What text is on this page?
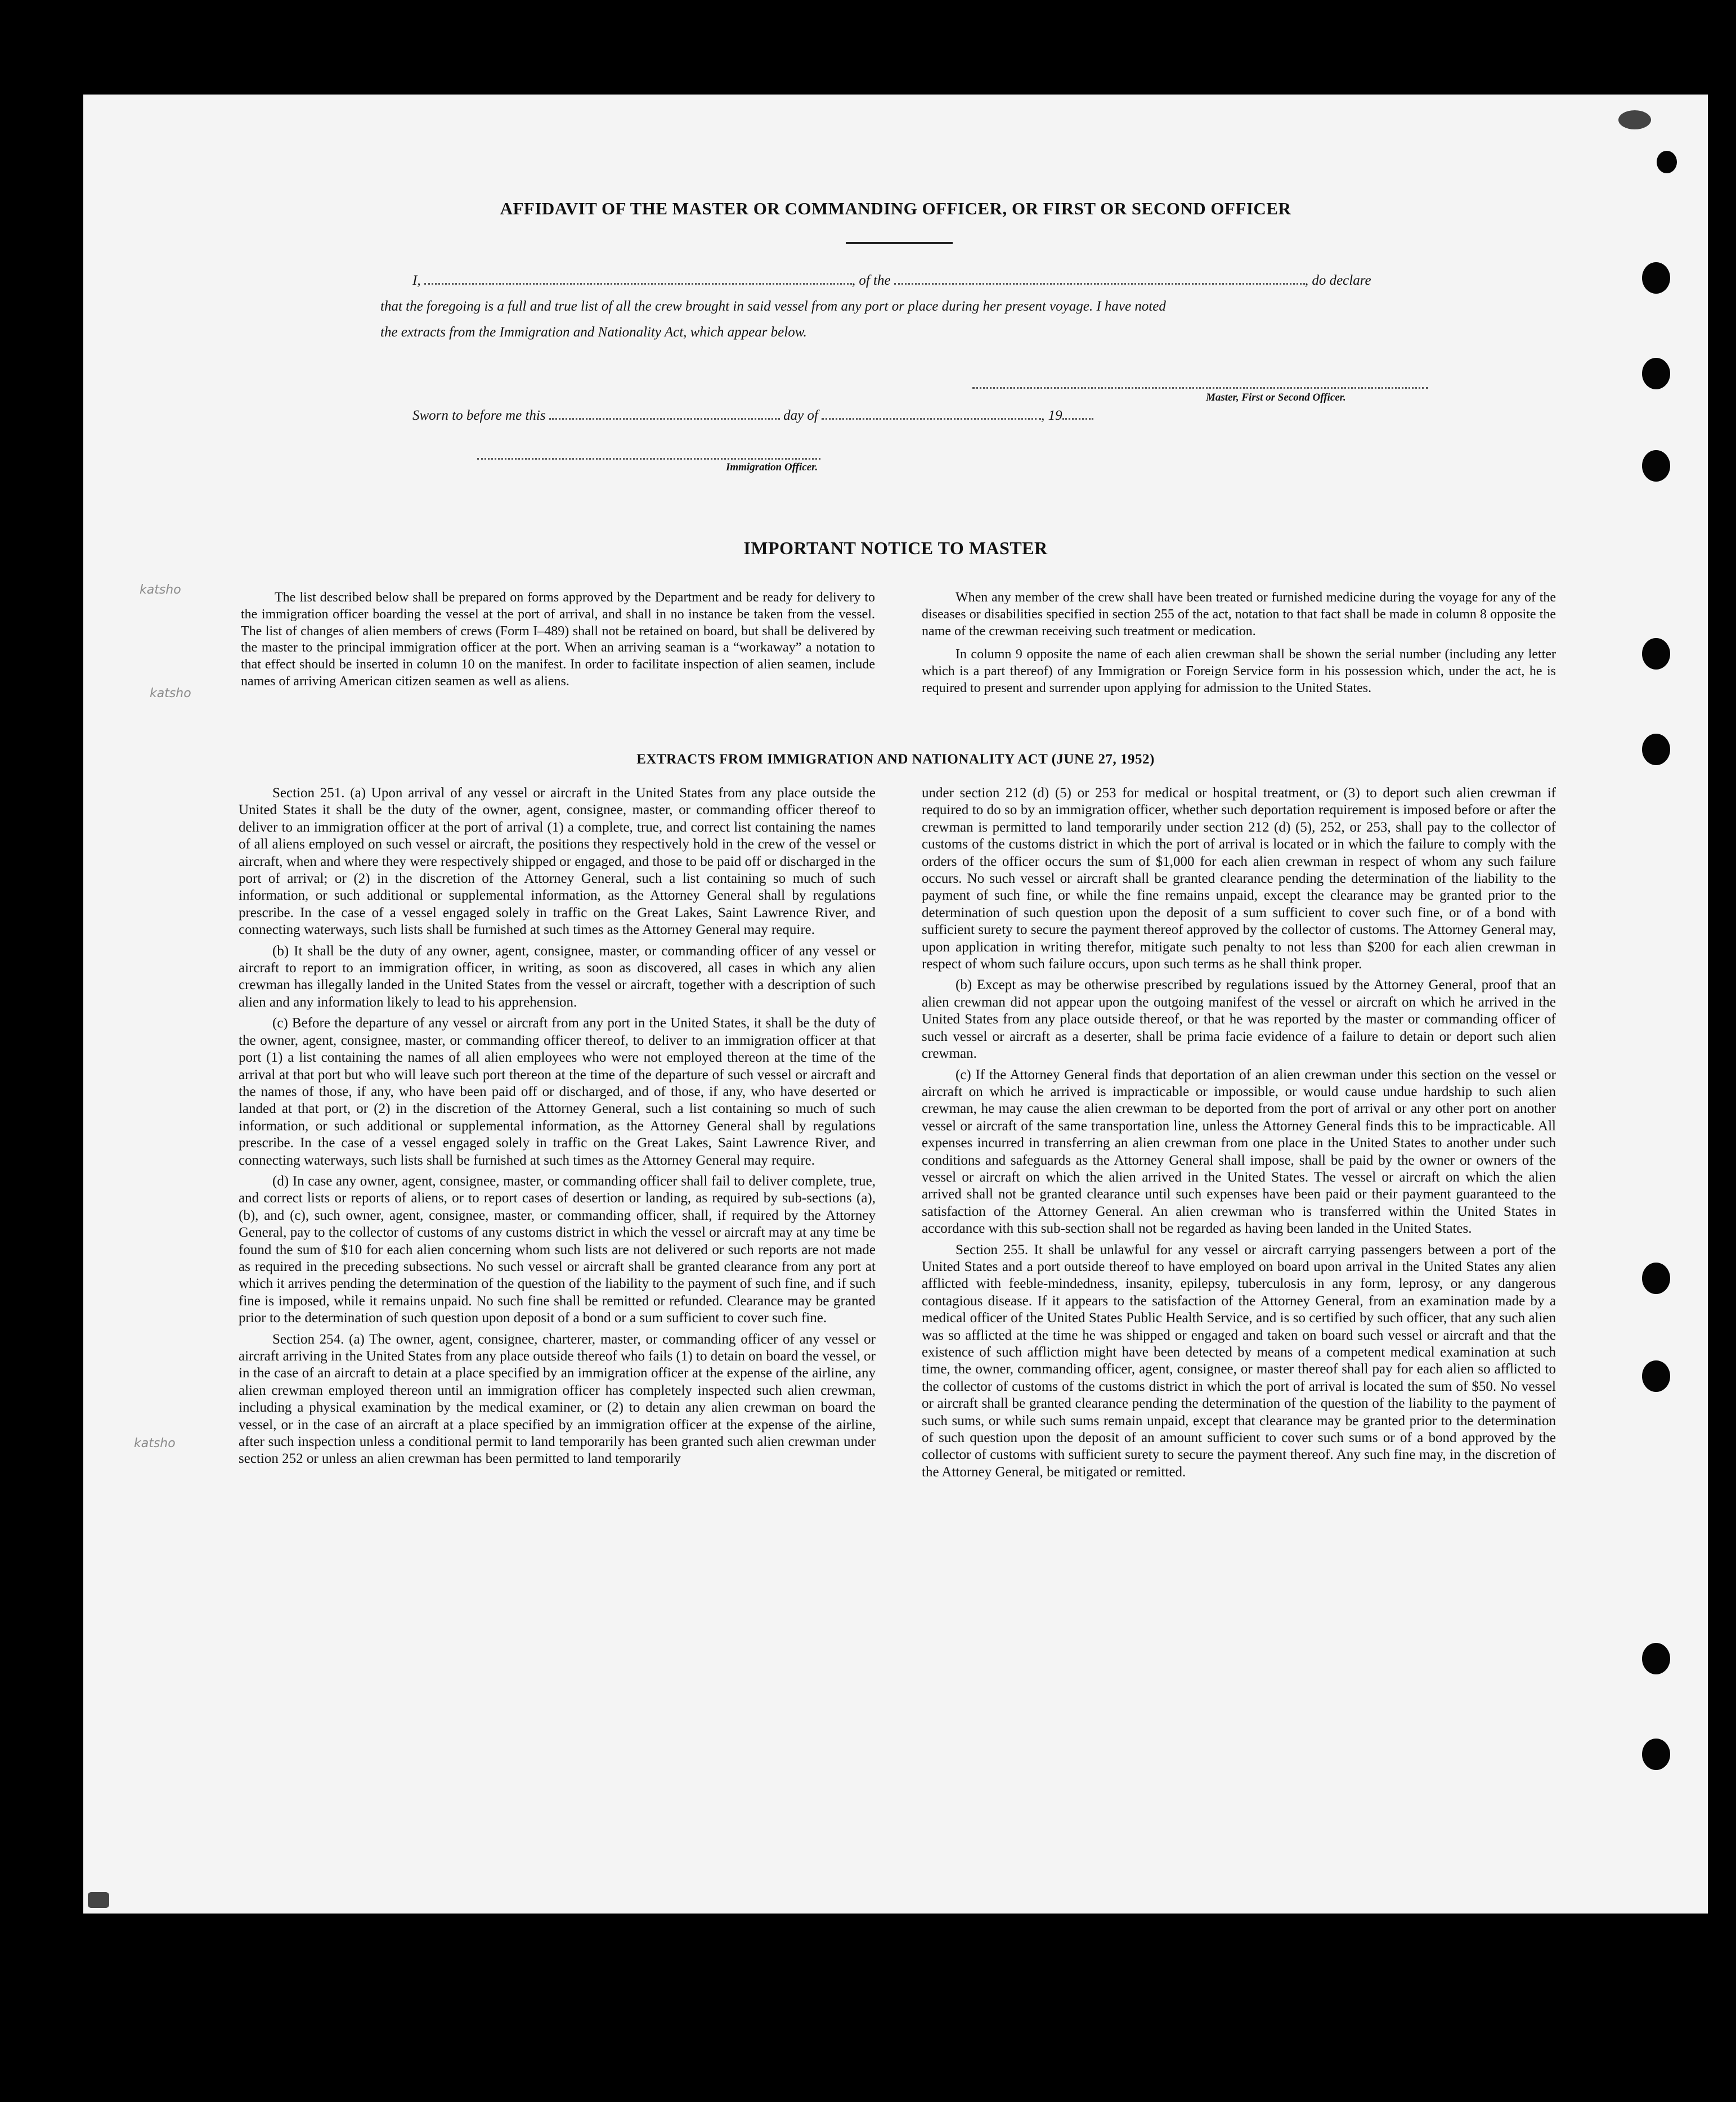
AFFIDAVIT OF THE MASTER OR COMMANDING OFFICER, OR FIRST OR SECOND OFFICER
I,	, of the	, do declare
that the foregoing is a full and true list of all the crew brought in said vessel from any port or place during her present voyage. I have noted
the extracts from the Immigration and Nationality Act, which appear below.
Master, First or Second Officer.
Sworn to before me this	day of	, 19
Immigration Officer.
IMPORTANT NOTICE TO MASTER

The list described below shall be prepared on forms approved by the Department and be ready for delivery to the immigration officer boarding the vessel at the port of arrival, and shall in no instance be taken from the vessel. The list of changes of alien members of crews (Form I–489) shall not be retained on board, but shall be delivered by the master to the principal immigration officer at the port. When an arriving seaman is a “workaway” a notation to that effect should be inserted in column 10 on the manifest. In order to facilitate inspection of alien seamen, include names of arriving American citizen seamen as well as aliens.

When any member of the crew shall have been treated or furnished medicine during the voyage for any of the diseases or disabilities specified in section 255 of the act, notation to that fact shall be made in column 8 opposite the name of the crewman receiving such treatment or medication.

In column 9 opposite the name of each alien crewman shall be shown the serial number (including any letter which is a part thereof) of any Immigration or Foreign Service form in his possession which, under the act, he is required to present and surrender upon applying for admission to the United States.

EXTRACTS FROM IMMIGRATION AND NATIONALITY ACT (JUNE 27, 1952)

Section 251. (a) Upon arrival of any vessel or aircraft in the United States from any place outside the United States it shall be the duty of the owner, agent, consignee, master, or commanding officer thereof to deliver to an immigration officer at the port of arrival (1) a complete, true, and correct list containing the names of all aliens employed on such vessel or aircraft, the positions they respectively hold in the crew of the vessel or aircraft, when and where they were respectively shipped or engaged, and those to be paid off or discharged in the port of arrival; or (2) in the discretion of the Attorney General, such a list containing so much of such information, or such additional or supplemental information, as the Attorney General shall by regulations prescribe. In the case of a vessel engaged solely in traffic on the Great Lakes, Saint Lawrence River, and connecting waterways, such lists shall be furnished at such times as the Attorney General may require.

(b) It shall be the duty of any owner, agent, consignee, master, or commanding officer of any vessel or aircraft to report to an immigration officer, in writing, as soon as discovered, all cases in which any alien crewman has illegally landed in the United States from the vessel or aircraft, together with a description of such alien and any information likely to lead to his apprehension.

(c) Before the departure of any vessel or aircraft from any port in the United States, it shall be the duty of the owner, agent, consignee, master, or commanding officer thereof, to deliver to an immigration officer at that port (1) a list containing the names of all alien employees who were not employed thereon at the time of the arrival at that port but who will leave such port thereon at the time of the departure of such vessel or aircraft and the names of those, if any, who have been paid off or discharged, and of those, if any, who have deserted or landed at that port, or (2) in the discretion of the Attorney General, such a list containing so much of such information, or such additional or supplemental information, as the Attorney General shall by regulations prescribe. In the case of a vessel engaged solely in traffic on the Great Lakes, Saint Lawrence River, and connecting waterways, such lists shall be furnished at such times as the Attorney General may require.

(d) In case any owner, agent, consignee, master, or commanding officer shall fail to deliver complete, true, and correct lists or reports of aliens, or to report cases of desertion or landing, as required by sub-sections (a), (b), and (c), such owner, agent, consignee, master, or commanding officer, shall, if required by the Attorney General, pay to the collector of customs of any customs district in which the vessel or aircraft may at any time be found the sum of $10 for each alien concerning whom such lists are not delivered or such reports are not made as required in the preceding subsections. No such vessel or aircraft shall be granted clearance from any port at which it arrives pending the determination of the question of the liability to the payment of such fine, and if such fine is imposed, while it remains unpaid. No such fine shall be remitted or refunded. Clearance may be granted prior to the determination of such question upon deposit of a bond or a sum sufficient to cover such fine.

Section 254. (a) The owner, agent, consignee, charterer, master, or commanding officer of any vessel or aircraft arriving in the United States from any place outside thereof who fails (1) to detain on board the vessel, or in the case of an aircraft to detain at a place specified by an immigration officer at the expense of the airline, any alien crewman employed thereon until an immigration officer has completely inspected such alien crewman, including a physical examination by the medical examiner, or (2) to detain any alien crewman on board the vessel, or in the case of an aircraft at a place specified by an immigration officer at the expense of the airline, after such inspection unless a conditional permit to land temporarily has been granted such alien crewman under section 252 or unless an alien crewman has been permitted to land temporarily

under section 212 (d) (5) or 253 for medical or hospital treatment, or (3) to deport such alien crewman if required to do so by an immigration officer, whether such deportation requirement is imposed before or after the crewman is permitted to land temporarily under section 212 (d) (5), 252, or 253, shall pay to the collector of customs of the customs district in which the port of arrival is located or in which the failure to comply with the orders of the officer occurs the sum of $1,000 for each alien crewman in respect of whom any such failure occurs. No such vessel or aircraft shall be granted clearance pending the determination of the liability to the payment of such fine, or while the fine remains unpaid, except the clearance may be granted prior to the determination of such question upon the deposit of a sum sufficient to cover such fine, or of a bond with sufficient surety to secure the payment thereof approved by the collector of customs. The Attorney General may, upon application in writing therefor, mitigate such penalty to not less than $200 for each alien crewman in respect of whom such failure occurs, upon such terms as he shall think proper.

(b) Except as may be otherwise prescribed by regulations issued by the Attorney General, proof that an alien crewman did not appear upon the outgoing manifest of the vessel or aircraft on which he arrived in the United States from any place outside thereof, or that he was reported by the master or commanding officer of such vessel or aircraft as a deserter, shall be prima facie evidence of a failure to detain or deport such alien crewman.

(c) If the Attorney General finds that deportation of an alien crewman under this section on the vessel or aircraft on which he arrived is impracticable or impossible, or would cause undue hardship to such alien crewman, he may cause the alien crewman to be deported from the port of arrival or any other port on another vessel or aircraft of the same transportation line, unless the Attorney General finds this to be impracticable. All expenses incurred in transferring an alien crewman from one place in the United States to another under such conditions and safeguards as the Attorney General shall impose, shall be paid by the owner or owners of the vessel or aircraft on which the alien arrived in the United States. The vessel or aircraft on which the alien arrived shall not be granted clearance until such expenses have been paid or their payment guaranteed to the satisfaction of the Attorney General. An alien crewman who is transferred within the United States in accordance with this sub-section shall not be regarded as having been landed in the United States.

Section 255. It shall be unlawful for any vessel or aircraft carrying passengers between a port of the United States and a port outside thereof to have employed on board upon arrival in the United States any alien afflicted with feeble-mindedness, insanity, epilepsy, tuberculosis in any form, leprosy, or any dangerous contagious disease. If it appears to the satisfaction of the Attorney General, from an examination made by a medical officer of the United States Public Health Service, and is so certified by such officer, that any such alien was so afflicted at the time he was shipped or engaged and taken on board such vessel or aircraft and that the existence of such affliction might have been detected by means of a competent medical examination at such time, the owner, commanding officer, agent, consignee, or master thereof shall pay for each alien so afflicted to the collector of customs of the customs district in which the port of arrival is located the sum of $50. No vessel or aircraft shall be granted clearance pending the determination of the question of the liability to the payment of such sums, or while such sums remain unpaid, except that clearance may be granted prior to the determination of such question upon the deposit of an amount sufficient to cover such sums or of a bond approved by the collector of customs with sufficient surety to secure the payment thereof. Any such fine may, in the discretion of the Attorney General, be mitigated or remitted.

katsho
katsho
katsho
